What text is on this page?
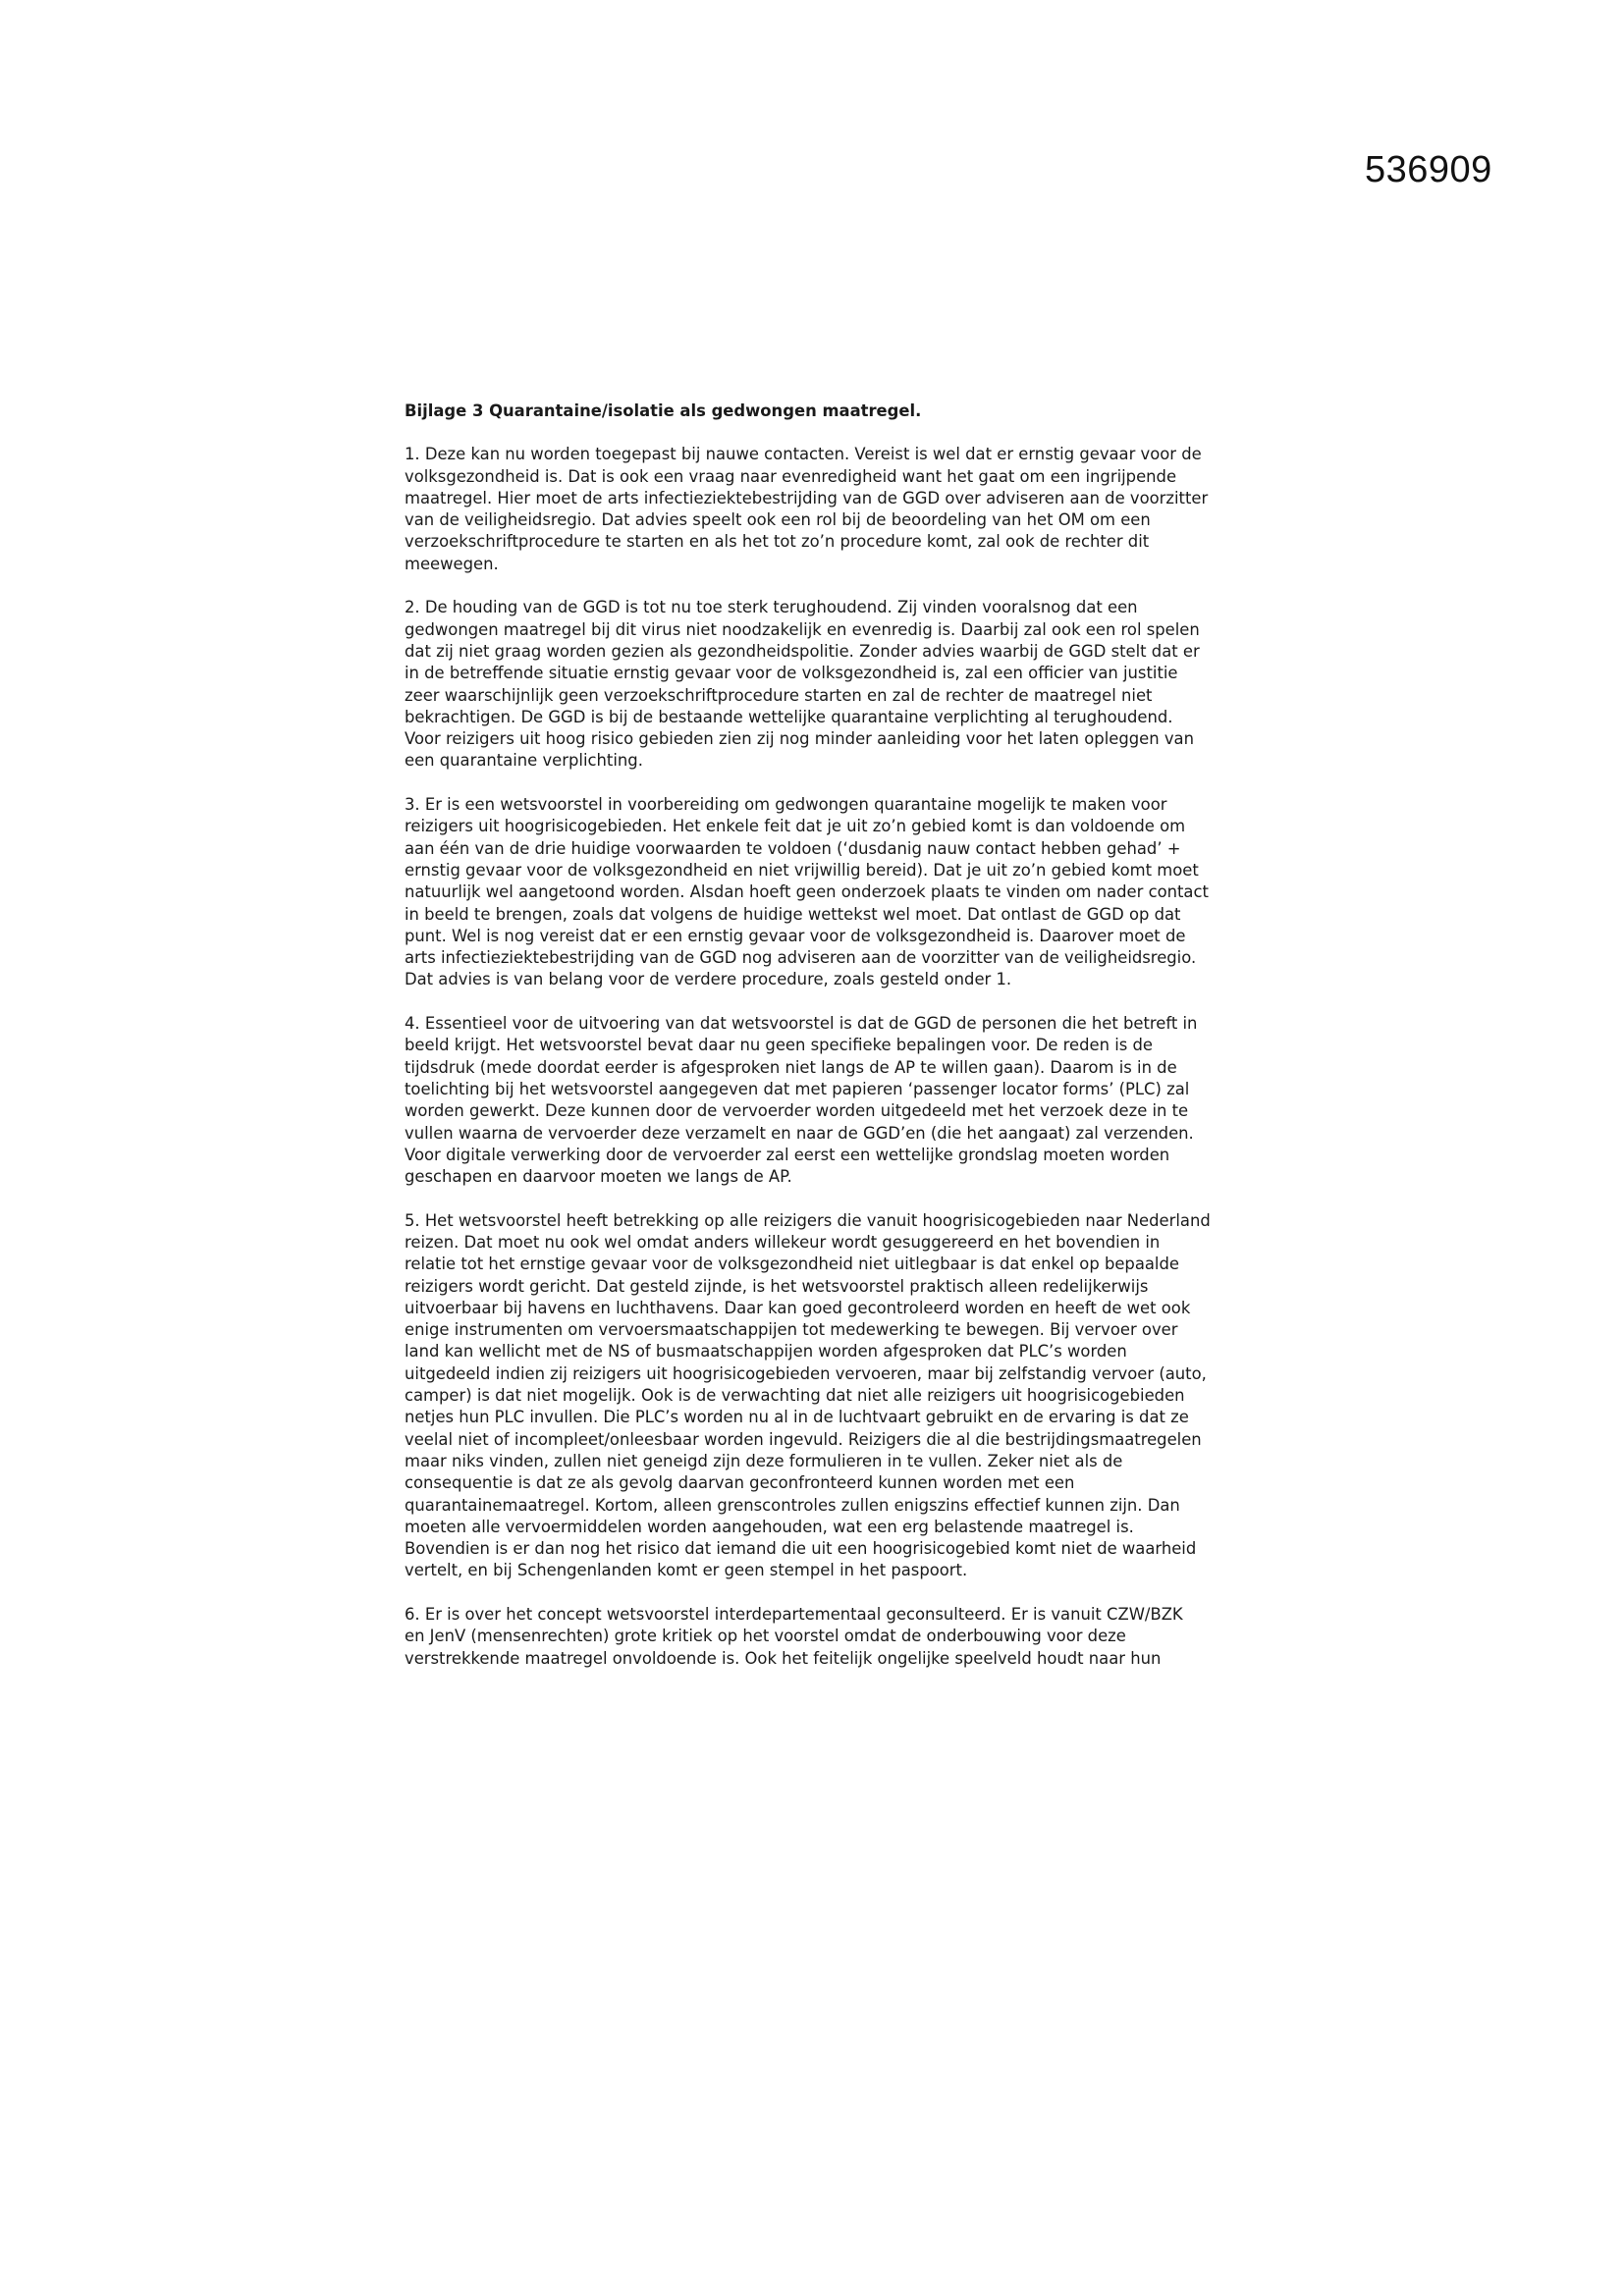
536909
Bijlage 3 Quarantaine/isolatie als gedwongen maatregel.
1. Deze kan nu worden toegepast bij nauwe contacten. Vereist is wel dat er ernstig gevaar voor de
volksgezondheid is. Dat is ook een vraag naar evenredigheid want het gaat om een ingrijpende
maatregel. Hier moet de arts infectieziektebestrijding van de GGD over adviseren aan de voorzitter
van de veiligheidsregio. Dat advies speelt ook een rol bij de beoordeling van het OM om een
verzoekschriftprocedure te starten en als het tot zo’n procedure komt, zal ook de rechter dit
meewegen.
2. De houding van de GGD is tot nu toe sterk terughoudend. Zij vinden vooralsnog dat een
gedwongen maatregel bij dit virus niet noodzakelijk en evenredig is. Daarbij zal ook een rol spelen
dat zij niet graag worden gezien als gezondheidspolitie. Zonder advies waarbij de GGD stelt dat er
in de betreffende situatie ernstig gevaar voor de volksgezondheid is, zal een officier van justitie
zeer waarschijnlijk geen verzoekschriftprocedure starten en zal de rechter de maatregel niet
bekrachtigen. De GGD is bij de bestaande wettelijke quarantaine verplichting al terughoudend.
Voor reizigers uit hoog risico gebieden zien zij nog minder aanleiding voor het laten opleggen van
een quarantaine verplichting.
3. Er is een wetsvoorstel in voorbereiding om gedwongen quarantaine mogelijk te maken voor
reizigers uit hoogrisicogebieden. Het enkele feit dat je uit zo’n gebied komt is dan voldoende om
aan één van de drie huidige voorwaarden te voldoen (‘dusdanig nauw contact hebben gehad’ +
ernstig gevaar voor de volksgezondheid en niet vrijwillig bereid). Dat je uit zo’n gebied komt moet
natuurlijk wel aangetoond worden. Alsdan hoeft geen onderzoek plaats te vinden om nader contact
in beeld te brengen, zoals dat volgens de huidige wettekst wel moet. Dat ontlast de GGD op dat
punt. Wel is nog vereist dat er een ernstig gevaar voor de volksgezondheid is. Daarover moet de
arts infectieziektebestrijding van de GGD nog adviseren aan de voorzitter van de veiligheidsregio.
Dat advies is van belang voor de verdere procedure, zoals gesteld onder 1.
4. Essentieel voor de uitvoering van dat wetsvoorstel is dat de GGD de personen die het betreft in
beeld krijgt. Het wetsvoorstel bevat daar nu geen specifieke bepalingen voor. De reden is de
tijdsdruk (mede doordat eerder is afgesproken niet langs de AP te willen gaan). Daarom is in de
toelichting bij het wetsvoorstel aangegeven dat met papieren ‘passenger locator forms’ (PLC) zal
worden gewerkt. Deze kunnen door de vervoerder worden uitgedeeld met het verzoek deze in te
vullen waarna de vervoerder deze verzamelt en naar de GGD’en (die het aangaat) zal verzenden.
Voor digitale verwerking door de vervoerder zal eerst een wettelijke grondslag moeten worden
geschapen en daarvoor moeten we langs de AP.
5. Het wetsvoorstel heeft betrekking op alle reizigers die vanuit hoogrisicogebieden naar Nederland
reizen. Dat moet nu ook wel omdat anders willekeur wordt gesuggereerd en het bovendien in
relatie tot het ernstige gevaar voor de volksgezondheid niet uitlegbaar is dat enkel op bepaalde
reizigers wordt gericht. Dat gesteld zijnde, is het wetsvoorstel praktisch alleen redelijkerwijs
uitvoerbaar bij havens en luchthavens. Daar kan goed gecontroleerd worden en heeft de wet ook
enige instrumenten om vervoersmaatschappijen tot medewerking te bewegen. Bij vervoer over
land kan wellicht met de NS of busmaatschappijen worden afgesproken dat PLC’s worden
uitgedeeld indien zij reizigers uit hoogrisicogebieden vervoeren, maar bij zelfstandig vervoer (auto,
camper) is dat niet mogelijk. Ook is de verwachting dat niet alle reizigers uit hoogrisicogebieden
netjes hun PLC invullen. Die PLC’s worden nu al in de luchtvaart gebruikt en de ervaring is dat ze
veelal niet of incompleet/onleesbaar worden ingevuld. Reizigers die al die bestrijdingsmaatregelen
maar niks vinden, zullen niet geneigd zijn deze formulieren in te vullen. Zeker niet als de
consequentie is dat ze als gevolg daarvan geconfronteerd kunnen worden met een
quarantainemaatregel. Kortom, alleen grenscontroles zullen enigszins effectief kunnen zijn. Dan
moeten alle vervoermiddelen worden aangehouden, wat een erg belastende maatregel is.
Bovendien is er dan nog het risico dat iemand die uit een hoogrisicogebied komt niet de waarheid
vertelt, en bij Schengenlanden komt er geen stempel in het paspoort.
6. Er is over het concept wetsvoorstel interdepartementaal geconsulteerd. Er is vanuit CZW/BZK
en JenV (mensenrechten) grote kritiek op het voorstel omdat de onderbouwing voor deze
verstrekkende maatregel onvoldoende is. Ook het feitelijk ongelijke speelveld houdt naar hun
